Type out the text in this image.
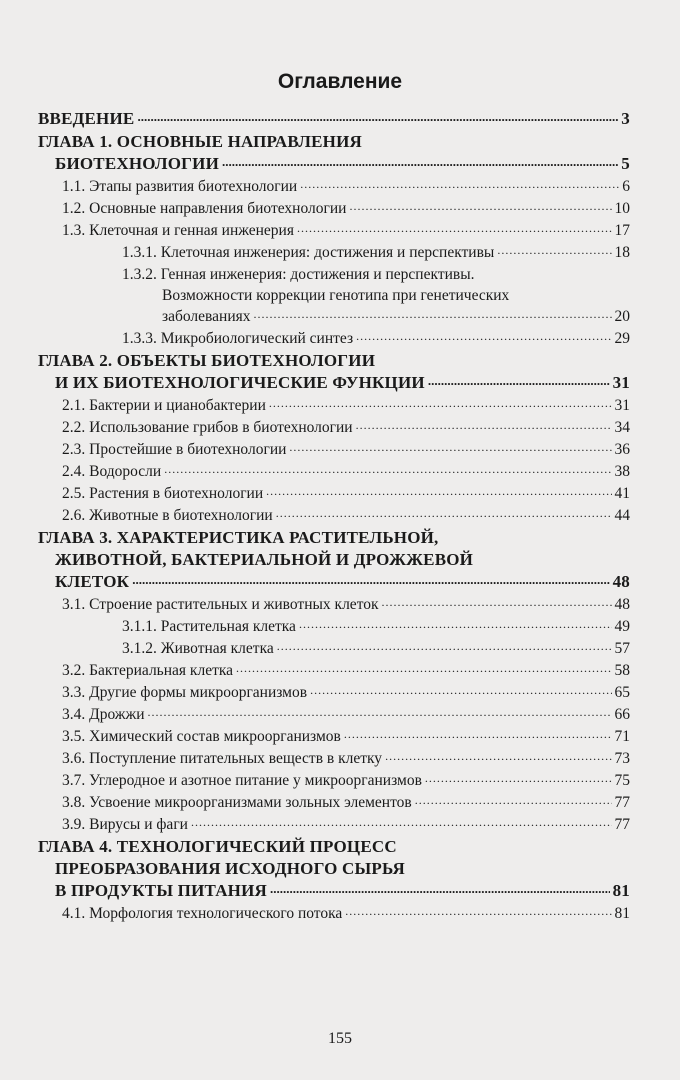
Оглавление
ВВЕДЕНИЕ .....	3
ГЛАВА 1. ОСНОВНЫЕ НАПРАВЛЕНИЯ
БИОТЕХНОЛОГИИ .....	5
1.1. Этапы развития биотехнологии .....	6
1.2. Основные направления биотехнологии .....	10
1.3. Клеточная и генная инженерия .....	17
1.3.1. Клеточная инженерия: достижения и перспективы .....	18
1.3.2. Генная инженерия: достижения и перспективы.
Возможности коррекции генотипа при генетических
заболеваниях .....	20
1.3.3. Микробиологический синтез .....	29
ГЛАВА 2. ОБЪЕКТЫ БИОТЕХНОЛОГИИ
И ИХ БИОТЕХНОЛОГИЧЕСКИЕ ФУНКЦИИ .....	31
2.1. Бактерии и цианобактерии .....	31
2.2. Использование грибов в биотехнологии .....	34
2.3. Простейшие в биотехнологии .....	36
2.4. Водоросли .....	38
2.5. Растения в биотехнологии .....	41
2.6. Животные в биотехнологии .....	44
ГЛАВА 3. ХАРАКТЕРИСТИКА РАСТИТЕЛЬНОЙ,
ЖИВОТНОЙ, БАКТЕРИАЛЬНОЙ И ДРОЖЖЕВОЙ
КЛЕТОК .....	48
3.1. Строение растительных и животных клеток .....	48
3.1.1. Растительная клетка .....	49
3.1.2. Животная клетка .....	57
3.2. Бактериальная клетка .....	58
3.3. Другие формы микроорганизмов .....	65
3.4. Дрожжи .....	66
3.5. Химический состав микроорганизмов .....	71
3.6. Поступление питательных веществ в клетку .....	73
3.7. Углеродное и азотное питание у микроорганизмов .....	75
3.8. Усвоение микроорганизмами зольных элементов .....	77
3.9. Вирусы и фаги .....	77
ГЛАВА 4. ТЕХНОЛОГИЧЕСКИЙ ПРОЦЕСС
ПРЕОБРАЗОВАНИЯ ИСХОДНОГО СЫРЬЯ
В ПРОДУКТЫ ПИТАНИЯ .....	81
4.1. Морфология технологического потока .....	81
155
